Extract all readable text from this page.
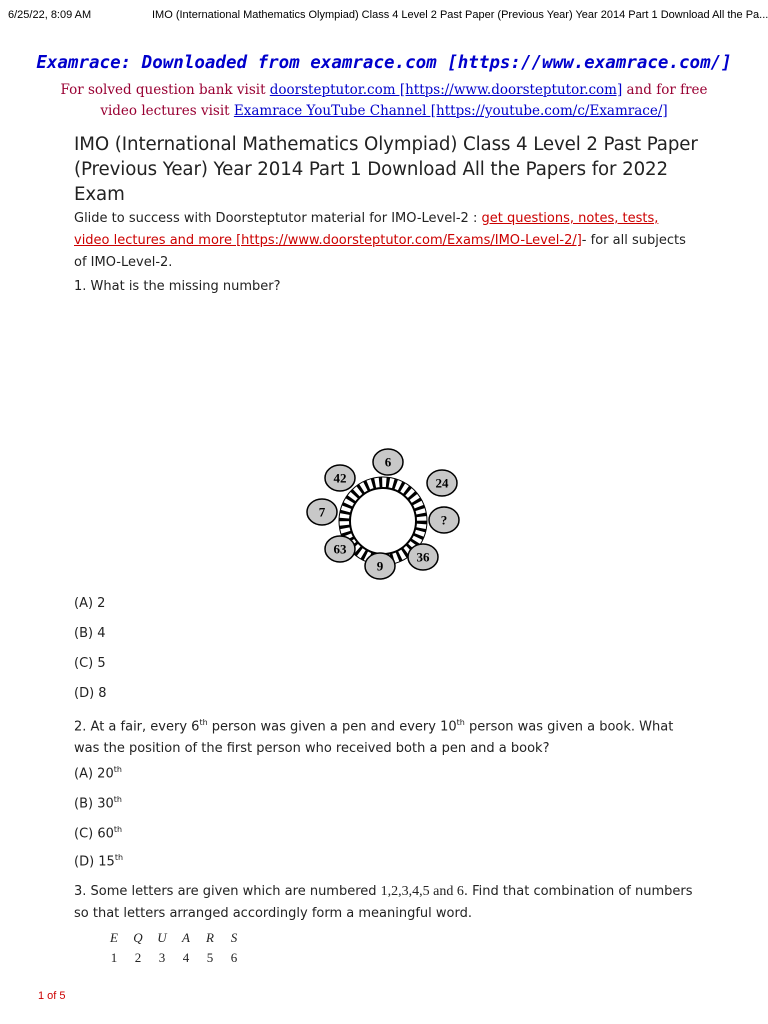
6/25/22, 8:09 AM	IMO (International Mathematics Olympiad) Class 4 Level 2 Past Paper (Previous Year) Year 2014 Part 1 Download All the Pa...
Examrace: Downloaded from examrace.com [https://www.examrace.com/]
For solved question bank visit doorsteptutor.com [https://www.doorsteptutor.com] and for free video lectures visit Examrace YouTube Channel [https://youtube.com/c/Examrace/]
IMO (International Mathematics Olympiad) Class 4 Level 2 Past Paper (Previous Year) Year 2014 Part 1 Download All the Papers for 2022 Exam
Glide to success with Doorsteptutor material for IMO-Level-2 : get questions, notes, tests, video lectures and more [https://www.doorsteptutor.com/Exams/IMO-Level-2/]- for all subjects of IMO-Level-2.
1. What is the missing number?
6
24
?
36
9
63
7
42
(A) 2
(B) 4
(C) 5
(D) 8
2. At a fair, every 6th person was given a pen and every 10th person was given a book. What was the position of the first person who received both a pen and a book?
(A) 20th
(B) 30th
(C) 60th
(D) 15th
3. Some letters are given which are numbered 1,2,3,4,5 and 6. Find that combination of numbers so that letters arranged accordingly form a meaningful word.
E Q U A R S
1 2 3 4 5 6
1 of 5
